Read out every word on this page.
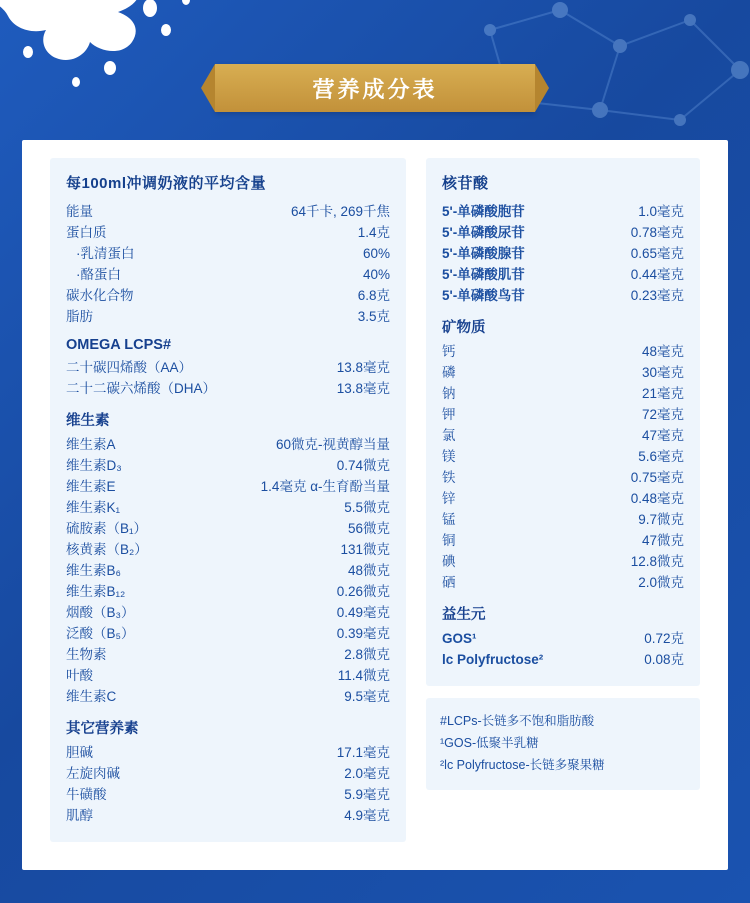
营养成分表
每100ml冲调奶液的平均含量
能量	64千卡, 269千焦
蛋白质	1.4克
·乳清蛋白	60%
·酪蛋白	40%
碳水化合物	6.8克
脂肪	3.5克
OMEGA LCPS#
二十碳四烯酸（AA）	13.8毫克
二十二碳六烯酸（DHA）	13.8毫克
维生素
维生素A	60微克-视黄醇当量
维生素D₃	0.74微克
维生素E	1.4毫克 α-生育酚当量
维生素K₁	5.5微克
硫胺素（B₁）	56微克
核黄素（B₂）	131微克
维生素B₆	48微克
维生素B₁₂	0.26微克
烟酸（B₃）	0.49毫克
泛酸（B₅）	0.39毫克
生物素	2.8微克
叶酸	11.4微克
维生素C	9.5毫克
其它营养素
胆碱	17.1毫克
左旋肉碱	2.0毫克
牛磺酸	5.9毫克
肌醇	4.9毫克
核苷酸
5'-单磷酸胞苷	1.0毫克
5'-单磷酸尿苷	0.78毫克
5'-单磷酸腺苷	0.65毫克
5'-单磷酸肌苷	0.44毫克
5'-单磷酸鸟苷	0.23毫克
矿物质
钙	48毫克
磷	30毫克
钠	21毫克
钾	72毫克
氯	47毫克
镁	5.6毫克
铁	0.75毫克
锌	0.48毫克
锰	9.7微克
铜	47微克
碘	12.8微克
硒	2.0微克
益生元
GOS¹	0.72克
lc Polyfructose²	0.08克
#LCPs-长链多不饱和脂肪酸
¹GOS-低聚半乳糖
²lc Polyfructose-长链多聚果糖
